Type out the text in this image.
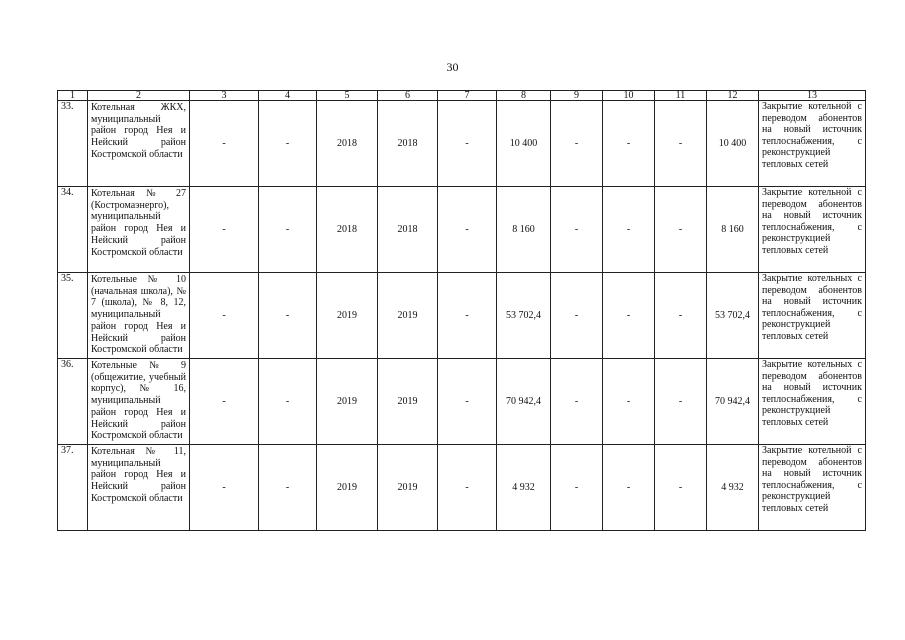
30
1	2	3	4	5	6	7	8	9	10	11	12	13
33.	Котельная ЖКХ, муниципальный район город Нея и Нейский район Костромской области	-	-	2018	2018	-	10 400	-	-	-	10 400	Закрытие котельной с переводом абонентов на новый источник теплоснабжения, с реконструкцией тепловых сетей
34.	Котельная № 27 (Костромаэнерго), муниципальный район город Нея и Нейский район Костромской области	-	-	2018	2018	-	8 160	-	-	-	8 160	Закрытие котельной с переводом абонентов на новый источник теплоснабжения, с реконструкцией тепловых сетей
35.	Котельные № 10 (начальная школа), № 7 (школа), № 8, 12, муниципальный район город Нея и Нейский район Костромской области	-	-	2019	2019	-	53 702,4	-	-	-	53 702,4	Закрытие котельных с переводом абонентов на новый источник теплоснабжения, с реконструкцией тепловых сетей
36.	Котельные № 9 (общежитие, учебный корпус), № 16, муниципальный район город Нея и Нейский район Костромской области	-	-	2019	2019	-	70 942,4	-	-	-	70 942,4	Закрытие котельных с переводом абонентов на новый источник теплоснабжения, с реконструкцией тепловых сетей
37.	Котельная № 11, муниципальный район город Нея и Нейский район Костромской области	-	-	2019	2019	-	4 932	-	-	-	4 932	Закрытие котельной с переводом абонентов на новый источник теплоснабжения, с реконструкцией тепловых сетей
